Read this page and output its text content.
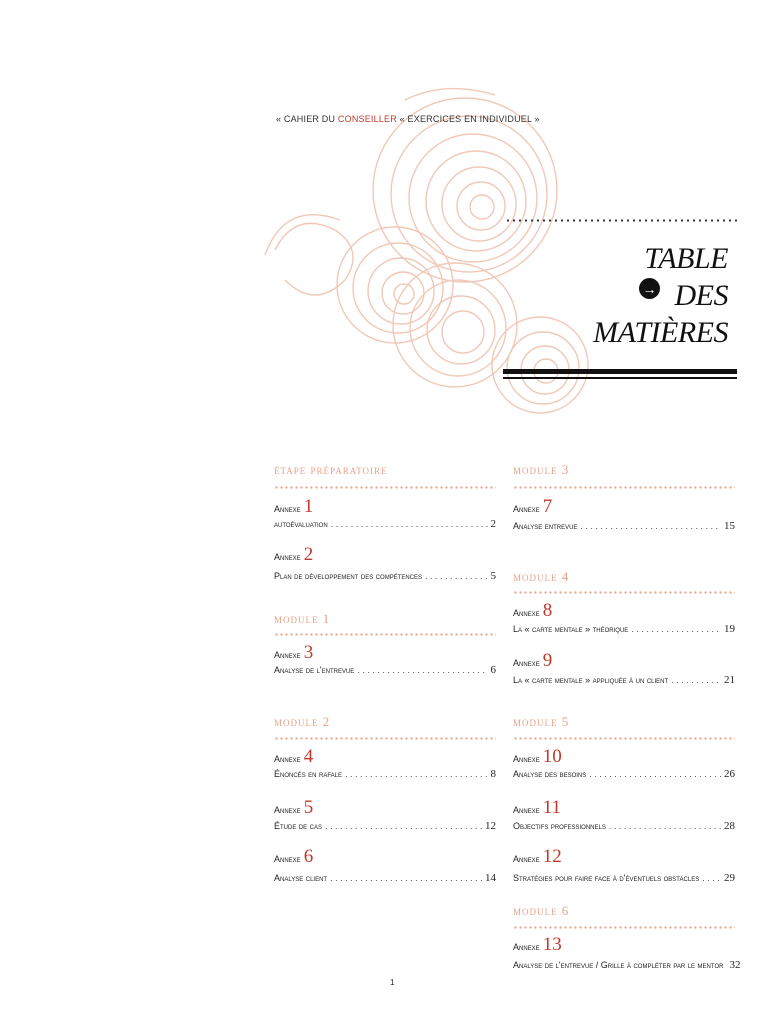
« CAHIER DU CONSEILLER « EXERCICES EN INDIVIDUEL »
→
TABLE
DES
MATIÈRES
étape préparatoire
Annexe 1
autoévaluation . . .	2
Annexe 2
Plan de développement des compétences . . .	5
module 1
Annexe 3
Analyse de l'entrevue . . .	6
module 2
Annexe 4
Énoncés en rafale . . .	8
Annexe 5
Étude de cas . . .	12
Annexe 6
Analyse client . . .	14
module 3
Annexe 7
Analyse entrevue . . .	15
module 4
Annexe 8
La « carte mentale » théorique . . .	19
Annexe 9
La « carte mentale » appliquée à un client . . .	21
module 5
Annexe 10
Analyse des besoins . . .	26
Annexe 11
Objectifs professionnels . . .	28
Annexe 12
Stratégies pour faire face à d'éventuels obstacles . . . 29
module 6
Annexe 13
Analyse de l'entrevue / Grille à compléter par le mentor 32
1
